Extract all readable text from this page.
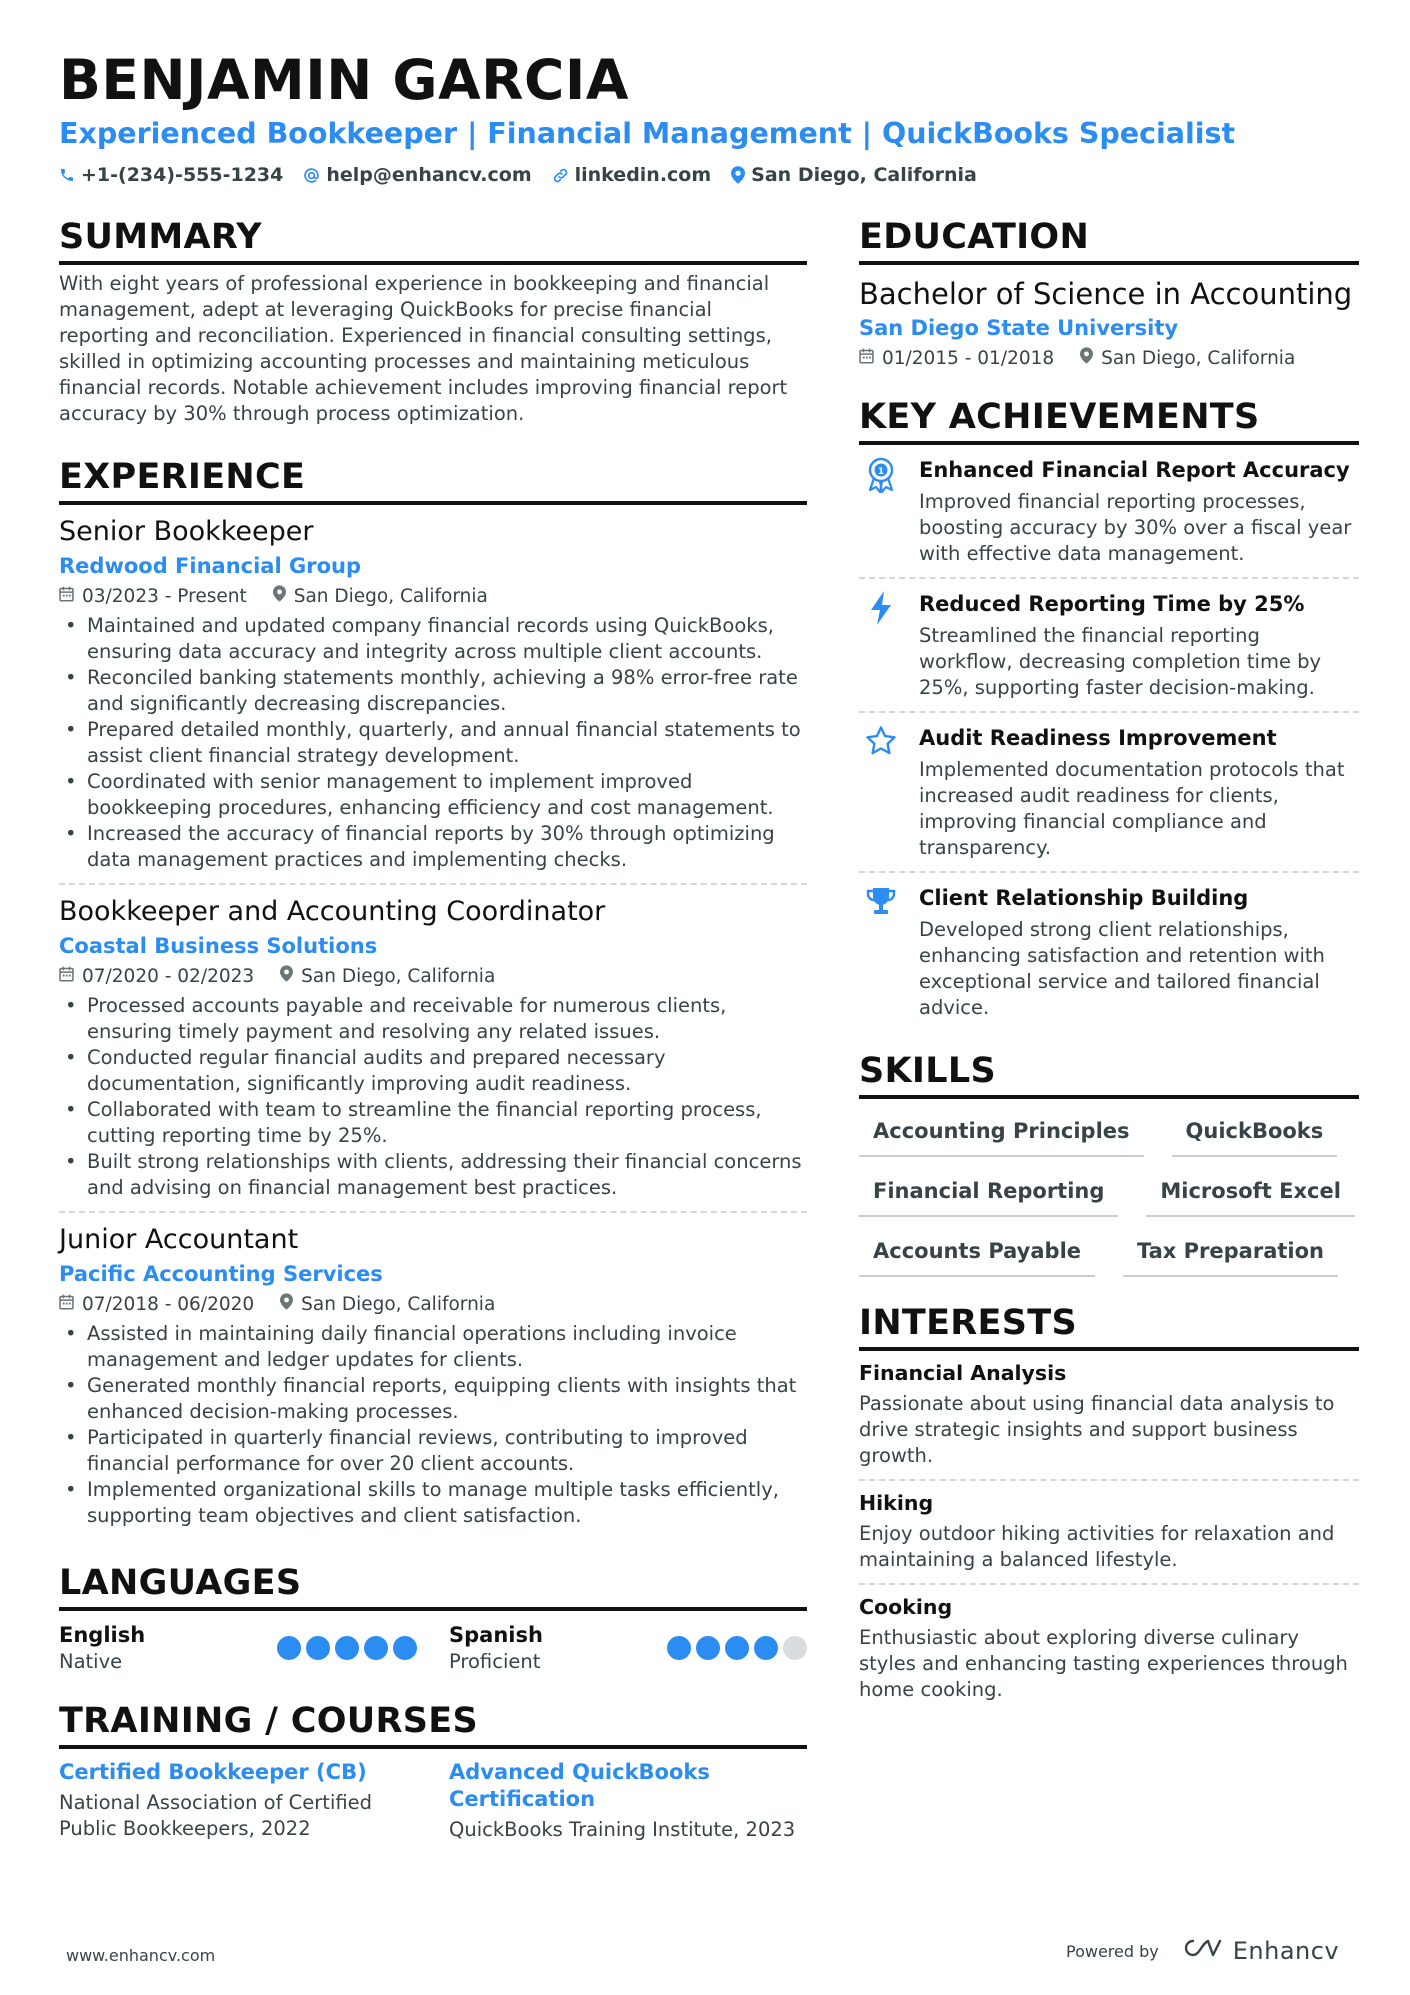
BENJAMIN GARCIA
Experienced Bookkeeper | Financial Management | QuickBooks Specialist
+1-(234)-555-1234 help@enhancv.com linkedin.com San Diego, California
SUMMARY
With eight years of professional experience in bookkeeping and financial management, adept at leveraging QuickBooks for precise financial reporting and reconciliation. Experienced in financial consulting settings, skilled in optimizing accounting processes and maintaining meticulous financial records. Notable achievement includes improving financial report accuracy by 30% through process optimization.
EXPERIENCE
Senior Bookkeeper
Redwood Financial Group
03/2023 - Present	San Diego, California
• Maintained and updated company financial records using QuickBooks, ensuring data accuracy and integrity across multiple client accounts.
• Reconciled banking statements monthly, achieving a 98% error-free rate and significantly decreasing discrepancies.
• Prepared detailed monthly, quarterly, and annual financial statements to assist client financial strategy development.
• Coordinated with senior management to implement improved bookkeeping procedures, enhancing efficiency and cost management.
• Increased the accuracy of financial reports by 30% through optimizing data management practices and implementing checks.
Bookkeeper and Accounting Coordinator
Coastal Business Solutions
07/2020 - 02/2023	San Diego, California
• Processed accounts payable and receivable for numerous clients, ensuring timely payment and resolving any related issues.
• Conducted regular financial audits and prepared necessary documentation, significantly improving audit readiness.
• Collaborated with team to streamline the financial reporting process, cutting reporting time by 25%.
• Built strong relationships with clients, addressing their financial concerns and advising on financial management best practices.
Junior Accountant
Pacific Accounting Services
07/2018 - 06/2020	San Diego, California
• Assisted in maintaining daily financial operations including invoice management and ledger updates for clients.
• Generated monthly financial reports, equipping clients with insights that enhanced decision-making processes.
• Participated in quarterly financial reviews, contributing to improved financial performance for over 20 client accounts.
• Implemented organizational skills to manage multiple tasks efficiently, supporting team objectives and client satisfaction.
LANGUAGES
English
Native
Spanish
Proficient
TRAINING / COURSES
Certified Bookkeeper (CB)
National Association of Certified Public Bookkeepers, 2022
Advanced QuickBooks Certification
QuickBooks Training Institute, 2023
EDUCATION
Bachelor of Science in Accounting
San Diego State University
01/2015 - 01/2018	San Diego, California
KEY ACHIEVEMENTS
1 Enhanced Financial Report Accuracy
Improved financial reporting processes, boosting accuracy by 30% over a fiscal year with effective data management.
Reduced Reporting Time by 25%
Streamlined the financial reporting workflow, decreasing completion time by 25%, supporting faster decision-making.
Audit Readiness Improvement
Implemented documentation protocols that increased audit readiness for clients, improving financial compliance and transparency.
Client Relationship Building
Developed strong client relationships, enhancing satisfaction and retention with exceptional service and tailored financial advice.
SKILLS
Accounting Principles	QuickBooks
Financial Reporting	Microsoft Excel
Accounts Payable	Tax Preparation
INTERESTS
Financial Analysis
Passionate about using financial data analysis to drive strategic insights and support business growth.
Hiking
Enjoy outdoor hiking activities for relaxation and maintaining a balanced lifestyle.
Cooking
Enthusiastic about exploring diverse culinary styles and enhancing tasting experiences through home cooking.
www.enhancv.com	Powered by	Enhancv
